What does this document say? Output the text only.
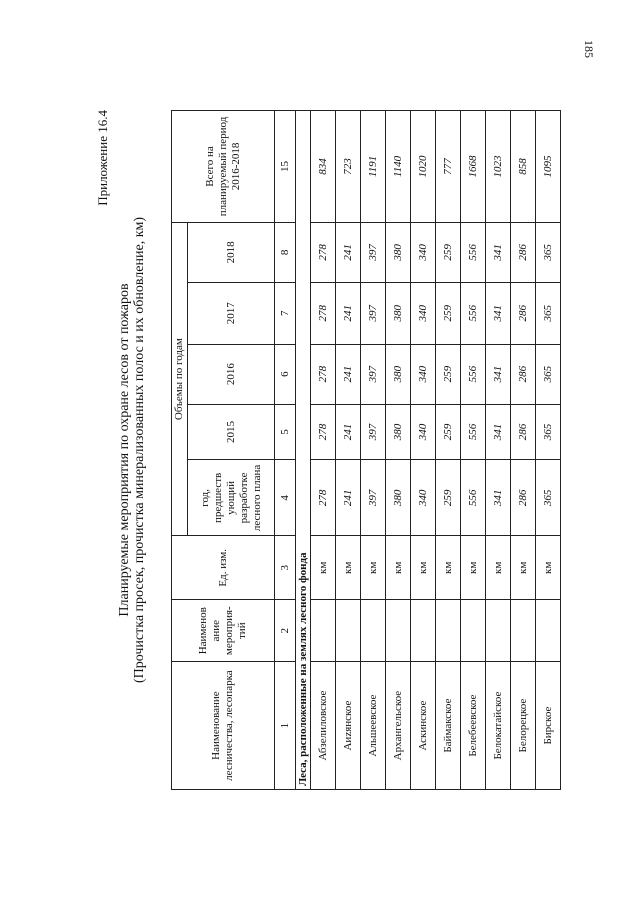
185
Приложение 16.4
Планируемые мероприятия по охране лесов от пожаров (Прочистка просек, прочистка минерализованных полос и их обновление, км)
Наименование лесничества, лесопарка	Наименов ание мероприя- тий	Ед. изм.	Объемы по годам					Всего на планируемый период 2016-2018
			год, предшеств ующий разработке лесного плана	2015	2016	2017	2018	
1	2	3	4	5	6	7	8	15
Леса, расположенные на землях лесного фонда								
Абзелиловское		км	278	278	278	278	278	834
Аиzянское		км	241	241	241	241	241	723
Альшеевское		км	397	397	397	397	397	1191
Архангельское		км	380	380	380	380	380	1140
Аскинское		км	340	340	340	340	340	1020
Баймакское		км	259	259	259	259	259	777
Белебеевское		км	556	556	556	556	556	1668
Белокатайское		км	341	341	341	341	341	1023
Белорецкое		км	286	286	286	286	286	858
Бирское		км	365	365	365	365	365	1095
